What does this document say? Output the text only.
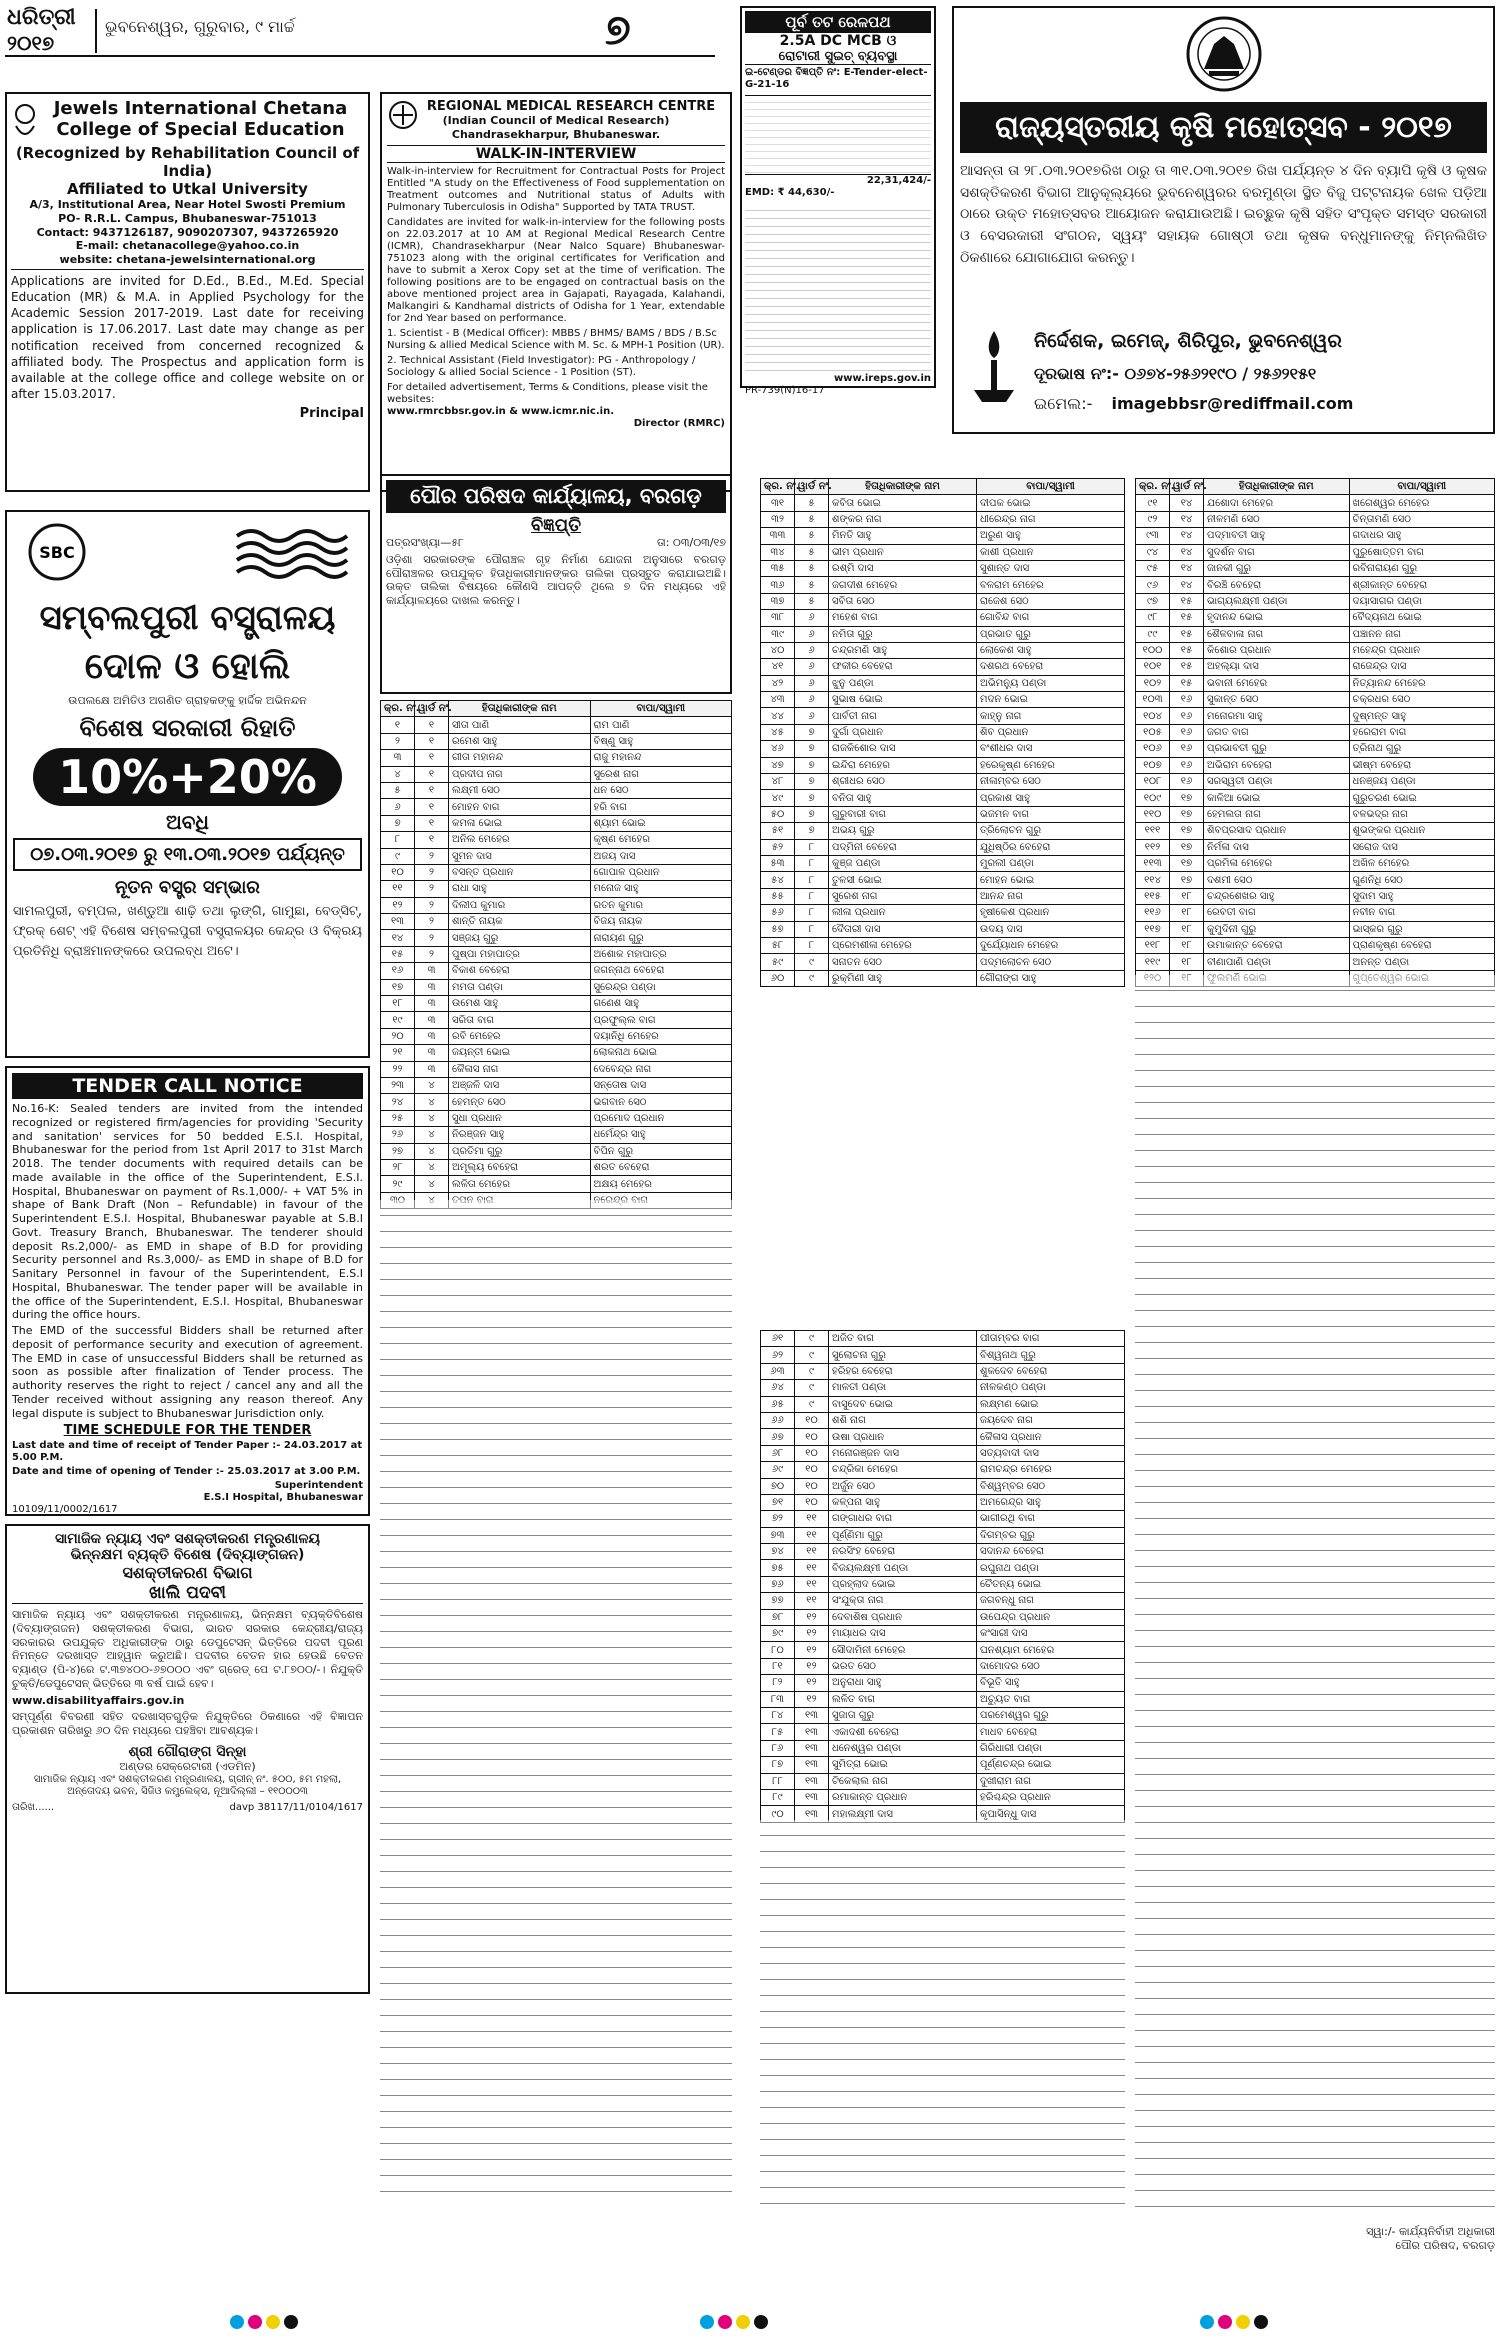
ଧରିତ୍ରୀ
୨୦୧୭
ଭୁବନେଶ୍ୱର, ଗୁରୁବାର, ୯ ମାର୍ଚ୍ଚ	୭	ପୂର୍ବ ତଟ ରେଳପଥ
2.5A DC MCB ଓ
ରୋଟାରୀ ସୁଇଚ୍ ବ୍ୟବସ୍ଥା
ଇ-ଟେଣ୍ଡର ବିଜ୍ଞପ୍ତି ନଂ: E-Tender-elect-G-21-16
22,31,424/-
EMD: ₹ 44,630/-
www.ireps.gov.in
PR-739(N)16-17
ରାଜ୍ୟସ୍ତରୀୟ କୃଷି ମହୋତ୍ସବ - ୨୦୧୭
ଆସନ୍ତା ତା ୨୮.୦୩.୨୦୧୭ରିଖ ଠାରୁ ତା ୩୧.୦୩.୨୦୧୭ ରିଖ ପର୍ଯ୍ୟନ୍ତ ୪ ଦିନ ବ୍ୟାପି କୃଷି ଓ କୃଷକ ସଶକ୍ତିକରଣ ବିଭାଗ ଆନୁକୂଲ୍ୟରେ ଭୁବନେଶ୍ୱରର ବରମୁଣ୍ଡା ସ୍ଥିତ ବିଜୁ ପଟ୍ଟନାୟକ ଖେଳ ପଡ଼ିଆ ଠାରେ ଉକ୍ତ ମହୋତ୍ସବର ଆୟୋଜନ କରାଯାଉଅଛି। ଇଚ୍ଛୁକ କୃଷି ସହିତ ସଂପୃକ୍ତ ସମସ୍ତ ସରକାରୀ ଓ ବେସରକାରୀ ସଂଗଠନ, ସ୍ୱୟଂ ସହାୟକ ଗୋଷ୍ଠୀ ତଥା କୃଷକ ବନ୍ଧୁମାନଙ୍କୁ ନିମ୍ନଲିଖିତ ଠିକଣାରେ ଯୋଗାଯୋଗ କରନ୍ତୁ।
ନିର୍ଦ୍ଦେଶକ, ଇମେଜ୍, ଶିରିପୁର, ଭୁବନେଶ୍ୱର
ଦୂରଭାଷ ନଂ:- ୦୬୭୪-୨୫୬୨୧୯୦ / ୨୫୬୨୧୫୧
ଇମେଲ:- imagebbsr@rediffmail.com
Jewels International Chetana
College of Special Education
(Recognized by Rehabilitation Council of India)
Affiliated to Utkal University
A/3, Institutional Area, Near Hotel Swosti Premium
PO- R.R.L. Campus, Bhubaneswar-751013
Contact: 9437126187, 9090207307, 9437265920
E-mail: chetanacollege@yahoo.co.in
website: chetana-jewelsinternational.org
Applications are invited for D.Ed., B.Ed., M.Ed. Special Education (MR) & M.A. in Applied Psychology for the Academic Session 2017-2019. Last date for receiving application is 17.06.2017. Last date may change as per notification received from concerned recognized & affiliated body. The Prospectus and application form is available at the college office and college website on or after 15.03.2017.
Principal
REGIONAL MEDICAL RESEARCH CENTRE
(Indian Council of Medical Research)
Chandrasekharpur, Bhubaneswar.
WALK-IN-INTERVIEW
Walk-in-interview for Recruitment for Contractual Posts for Project Entitled "A study on the Effectiveness of Food supplementation on Treatment outcomes and Nutritional status of Adults with Pulmonary Tuberculosis in Odisha" Supported by TATA TRUST.
Candidates are invited for walk-in-interview for the following posts on 22.03.2017 at 10 AM at Regional Medical Research Centre (ICMR), Chandrasekharpur (Near Nalco Square) Bhubaneswar-751023 along with the original certificates for Verification and have to submit a Xerox Copy set at the time of verification. The following positions are to be engaged on contractual basis on the above mentioned project area in Gajapati, Rayagada, Kalahandi, Malkangiri & Kandhamal districts of Odisha for 1 Year, extendable for 2nd Year based on performance.
1. Scientist - B (Medical Officer): MBBS / BHMS/ BAMS / BDS / B.Sc Nursing & allied Medical Science with M. Sc. & MPH-1 Position (UR).
2. Technical Assistant (Field Investigator): PG - Anthropology / Sociology & allied Social Science - 1 Position (ST).
For detailed advertisement, Terms & Conditions, please visit the websites:
www.rmrcbbsr.gov.in & www.icmr.nic.in.
Director (RMRC)
SBC
ସମ୍ବଲପୁରୀ ବସ୍ତ୍ରାଳୟ
ଦୋଳ ଓ ହୋଲି
ଉପଲକ୍ଷେ ଅମିତିଓ ଅଗଣିତ ଗ୍ରାହକଙ୍କୁ ହାର୍ଦ୍ଦିକ ଅଭିନନ୍ଦନ
ବିଶେଷ ସରକାରୀ ରିହାତି
10%+20%
ଅବଧି
୦୭.୦୩.୨୦୧୭ ରୁ ୧୩.୦୩.୨୦୧୭ ପର୍ଯ୍ୟନ୍ତ
ନୂତନ ବସ୍ତ୍ର ସମ୍ଭାର
ସାମଲପୁରୀ, ବମ୍ପଲ, ଖଣ୍ଡୁଆ ଶାଢ଼ି ତଥା ଲୁଙ୍ଗି, ଗାମୁଛା, ବେଡ୍‌ସିଟ୍, ଫ୍ରକ୍ ଶେଟ୍ ଏହି ବିଶେଷ ସମ୍ବଲପୁରୀ ବସ୍ତ୍ରାଳୟର କେନ୍ଦ୍ର ଓ ବିକ୍ରୟ ପ୍ରତିନିଧି ବ୍ରାଞ୍ଚମାନଙ୍କରେ ଉପଲବ୍ଧ ଅଟେ।
TENDER CALL NOTICE
No.16-K: Sealed tenders are invited from the intended recognized or registered firm/agencies for providing 'Security and sanitation' services for 50 bedded E.S.I. Hospital, Bhubaneswar for the period from 1st April 2017 to 31st March 2018. The tender documents with required details can be made available in the office of the Superintendent, E.S.I. Hospital, Bhubaneswar on payment of Rs.1,000/- + VAT 5% in shape of Bank Draft (Non – Refundable) in favour of the Superintendent E.S.I. Hospital, Bhubaneswar payable at S.B.I Govt. Treasury Branch, Bhubaneswar. The tenderer should deposit Rs.2,000/- as EMD in shape of B.D for providing Security personnel and Rs.3,000/- as EMD in shape of B.D for Sanitary Personnel in favour of the Superintendent, E.S.I Hospital, Bhubaneswar. The tender paper will be available in the office of the Superintendent, E.S.I. Hospital, Bhubaneswar during the office hours.
The EMD of the successful Bidders shall be returned after deposit of performance security and execution of agreement. The EMD in case of unsuccessful Bidders shall be returned as soon as possible after finalization of Tender process. The authority reserves the right to reject / cancel any and all the Tender received without assigning any reason thereof. Any legal dispute is subject to Bhubaneswar Jurisdiction only.
TIME SCHEDULE FOR THE TENDER
Last date and time of receipt of Tender Paper :- 24.03.2017 at 5.00 P.M.
Date and time of opening of Tender :- 25.03.2017 at 3.00 P.M.
Superintendent
E.S.I Hospital, Bhubaneswar
10109/11/0002/1617
ସାମାଜିକ ନ୍ୟାୟ ଏବଂ ସଶକ୍ତୀକରଣ ମନ୍ତ୍ରଣାଳୟ
ଭିନ୍ନକ୍ଷମ ବ୍ୟକ୍ତି ବିଶେଷ (ଦିବ୍ୟାଙ୍ଗଜନ)
ସଶକ୍ତୀକରଣ ବିଭାଗ
ଖାଲି ପଦବୀ
ସାମାଜିକ ନ୍ୟାୟ ଏବଂ ସଶକ୍ତୀକରଣ ମନ୍ତ୍ରଣାଳୟ, ଭିନ୍ନକ୍ଷମ ବ୍ୟକ୍ତିବିଶେଷ (ଦିବ୍ୟାଙ୍ଗଜନ) ସଶକ୍ତୀକରଣ ବିଭାଗ, ଭାରତ ସରକାର କେନ୍ଦ୍ରୀୟ/ରାଜ୍ୟ ସରକାରର ଉପଯୁକ୍ତ ଅଧିକାରୀଙ୍କ ଠାରୁ ଡେପୁଟେସନ୍ ଭିତ୍ତିରେ ପଦବୀ ପୂରଣ ନିମନ୍ତେ ଦରଖାସ୍ତ ଆହ୍ୱାନ କରୁଅଛି। ପଦବୀର ବେତନ ହାର ହେଉଛି ବେତନ ବ୍ୟାଣ୍ଡ (ପି-୪)ରେ ଟ.୩୭୪୦୦-୬୭୦୦୦ ଏବଂ ଗ୍ରେଡ୍ ପେ ଟ.୮୭୦୦/-। ନିଯୁକ୍ତି ଚୁକ୍ତି/ଡେପୁଟେସନ୍ ଭିତ୍ତିରେ ୩ ବର୍ଷ ପାଇଁ ହେବ।
www.disabilityaffairs.gov.in
ସମ୍ପୂର୍ଣ୍ଣ ବିବରଣୀ ସହିତ ଦରଖାସ୍ତଗୁଡ଼ିକ ନିଯୁକ୍ତିରେ ଠିକଣାରେ ଏହି ବିଜ୍ଞାପନ ପ୍ରକାଶନ ତାରିଖରୁ ୬୦ ଦିନ ମଧ୍ୟରେ ପହଞ୍ଚିବା ଆବଶ୍ୟକ।
ଶ୍ରୀ ଗୌରାଙ୍ଗ ସିନ୍ହା
ଅଣ୍ଡର ସେକ୍ରେଟାରୀ (ଏଡମିନ)
ସାମାଜିକ ନ୍ୟାୟ ଏବଂ ସଶକ୍ତୀକରଣ ମନ୍ତ୍ରଣାଳୟ, ଗ୍ରୀନ୍ ନଂ. ୫୦୦, ୫ମ ମହଲା, ଅନ୍ତୋଦୟ ଭବନ, ସିଜିଓ କମ୍ପ୍ଲେକ୍ସ, ନୂଆଦିଲ୍ଲୀ – ୧୧୦୦୦୩
ତାରିଖ......	davp 38117/11/0104/1617
ପୌର ପରିଷଦ କାର୍ଯ୍ୟାଳୟ, ବରଗଡ଼
ବିଜ୍ଞପ୍ତି
ପତ୍ରସଂଖ୍ୟା—୫୮	ତା: ୦୩/୦୩/୧୭
ଓଡ଼ିଶା ସରକାରଙ୍କ ପୌରାଞ୍ଚଳ ଗୃହ ନିର୍ମାଣ ଯୋଜନା ଅନୁସାରେ ବରଗଡ଼ ପୌରାଞ୍ଚଳର ଉପଯୁକ୍ତ ହିତାଧିକାରୀମାନଙ୍କର ତାଲିକା ପ୍ରସ୍ତୁତ କରାଯାଇଅଛି। ଉକ୍ତ ତାଲିକା ବିଷୟରେ କୌଣସି ଆପତ୍ତି ଥିଲେ ୭ ଦିନ ମଧ୍ୟରେ ଏହି କାର୍ଯ୍ୟାଳୟରେ ଦାଖଲ କରନ୍ତୁ।
କ୍ର. ନଂ.	ୱାର୍ଡ ନଂ.	ହିତାଧିକାରୀଙ୍କ ନାମ	ବାପା/ସ୍ୱାମୀ
୧	୧	ସୀତା ପାଣି	ରାମ ପାଣି
୨	୧	ରମେଶ ସାହୁ	ବିଷ୍ଣୁ ସାହୁ
୩	୧	ଗୀତା ମହାନନ୍ଦ	ରାଜୁ ମହାନନ୍ଦ
୪	୧	ପ୍ରଦୀପ ନାଗ	ସୁରେଶ ନାଗ
୫	୧	ଲକ୍ଷ୍ମୀ ସେଠ	ଧନ ସେଠ
୬	୧	ମୋହନ ବାଗ	ହରି ବାଗ
୭	୧	କମଳା ଭୋଇ	ଶ୍ୟାମ ଭୋଇ
୮	୧	ଅନିଲ ମେହେର	କୃଷ୍ଣ ମେହେର
୯	୨	ସୁମନ ଦାସ	ଅଜୟ ଦାସ
୧୦	୨	ବସନ୍ତ ପ୍ରଧାନ	ଗୋପାଳ ପ୍ରଧାନ
୧୧	୨	ରାଧା ସାହୁ	ମନୋଜ ସାହୁ
୧୨	୨	ଦିଲୀପ କୁମାର	ରତନ କୁମାର
୧୩	୨	ଶାନ୍ତି ନାୟକ	ବିଜୟ ନାୟକ
୧୪	୨	ସଞ୍ଜୟ ଗୁରୁ	ନାରାୟଣ ଗୁରୁ
୧୫	୨	ପୁଷ୍ପା ମହାପାତ୍ର	ଅଶୋକ ମହାପାତ୍ର
୧୬	୩	ବିକାଶ ବେହେରା	ଜଗନ୍ନାଥ ବେହେରା
୧୭	୩	ମମତା ପଣ୍ଡା	ସୁରେନ୍ଦ୍ର ପଣ୍ଡା
୧୮	୩	ଉମେଶ ସାହୁ	ଗଣେଶ ସାହୁ
୧୯	୩	ସରିତା ବାଗ	ପ୍ରଫୁଲ୍ଲ ବାଗ
୨୦	୩	ରବି ମେହେର	ଦୟାନିଧି ମେହେର
୨୧	୩	ଜୟନ୍ତୀ ଭୋଇ	ଲୋକନାଥ ଭୋଇ
୨୨	୩	କୈଳାସ ନାଗ	ଦେବେନ୍ଦ୍ର ନାଗ
୨୩	୪	ଅଞ୍ଜଳି ଦାସ	ସନ୍ତୋଷ ଦାସ
୨୪	୪	ହେମନ୍ତ ସେଠ	ଭଗବାନ ସେଠ
୨୫	୪	ସୁଧା ପ୍ରଧାନ	ପ୍ରମୋଦ ପ୍ରଧାନ
୨୬	୪	ନିରଞ୍ଜନ ସାହୁ	ଧର୍ମେନ୍ଦ୍ର ସାହୁ
୨୭	୪	ପ୍ରତିମା ଗୁରୁ	ବିପିନ ଗୁରୁ
୨୮	୪	ଅମୂଲ୍ୟ ବେହେରା	ଶରତ ବେହେରା
୨୯	୪	ଲଳିତା ମେହେର	ଅକ୍ଷୟ ମେହେର

କ୍ର. ନଂ.	ୱାର୍ଡ ନଂ.	ହିତାଧିକାରୀଙ୍କ ନାମ	ବାପା/ସ୍ୱାମୀ
୩୧	୫	କବିତା ଭୋଇ	ଦୀପକ ଭୋଇ
୩୨	୫	ଶଙ୍କର ନାଗ	ଧୀରେନ୍ଦ୍ର ନାଗ
୩୩	୫	ମିନତି ସାହୁ	ଅରୁଣ ସାହୁ
୩୪	୫	ଭୀମ ପ୍ରଧାନ	କାଶୀ ପ୍ରଧାନ
୩୫	୫	ରଶ୍ମି ଦାସ	ସୁଶାନ୍ତ ଦାସ
୩୬	୫	ଜଗଦୀଶ ମେହେର	ବଳରାମ ମେହେର
୩୭	୫	ସବିତା ସେଠ	ରାଜେଶ ସେଠ
୩୮	୬	ମହେଶ ବାଗ	ଗୋବିନ୍ଦ ବାଗ
୩୯	୬	ନମିତା ଗୁରୁ	ପ୍ରଭାତ ଗୁରୁ
୪୦	୬	ଚନ୍ଦ୍ରମଣି ସାହୁ	ଲୋକେଶ ସାହୁ
୪୧	୬	ଫକୀର ବେହେରା	ଦଶରଥ ବେହେରା
୪୨	୬	ଝୁନୁ ପଣ୍ଡା	ଅଭିମନ୍ୟୁ ପଣ୍ଡା
୪୩	୬	ସୁଭାଷ ଭୋଇ	ମଦନ ଭୋଇ
୪୪	୬	ପାର୍ବତୀ ନାଗ	କାହ୍ନୁ ନାଗ
୪୫	୭	ଦୁର୍ଗା ପ୍ରଧାନ	ଶିବ ପ୍ରଧାନ
୪୬	୭	ରାଜକିଶୋର ଦାସ	ବଂଶୀଧର ଦାସ
୪୭	୭	ଇନ୍ଦିରା ମେହେର	ହରେକୃଷ୍ଣ ମେହେର
୪୮	୭	ଶ୍ରୀଧର ସେଠ	ନୀଳାମ୍ବର ସେଠ
୪୯	୭	ବନିତା ସାହୁ	ପ୍ରକାଶ ସାହୁ
୫୦	୭	ଗୁରୁବାରୀ ବାଗ	ଭଜମନ ବାଗ
୫୧	୭	ଅଭୟ ଗୁରୁ	ତ୍ରିଲୋଚନ ଗୁରୁ
୫୨	୮	ପଦ୍ମିନୀ ବେହେରା	ଯୁଧିଷ୍ଠିର ବେହେରା
୫୩	୮	କୁଞ୍ଜ ପଣ୍ଡା	ମୁରଲୀ ପଣ୍ଡା
୫୪	୮	ତୁଳସୀ ଭୋଇ	ମୋହନ ଭୋଇ
୫୫	୮	ସୁରେଶ ନାଗ	ଆନନ୍ଦ ନାଗ
୫୬	୮	ଲୀଳା ପ୍ରଧାନ	ହୃଷୀକେଶ ପ୍ରଧାନ
୫୭	୮	ଦୈତାରୀ ଦାସ	ଉଦୟ ଦାସ
୫୮	୮	ପ୍ରେମଶୀଳା ମେହେର	ଦୁର୍ଯ୍ୟୋଧନ ମେହେର
୫୯	୯	ସନାତନ ସେଠ	ପଦ୍ମଲୋଚନ ସେଠ
୬୦	୯	ରୁକ୍ମିଣୀ ସାହୁ	ଗୌରାଙ୍ଗ ସାହୁ
୬୧	୯	ଅଜିତ ବାଗ	ପୀତାମ୍ବର ବାଗ
୬୨	୯	ସୁଲୋଚନା ଗୁରୁ	ବିଶ୍ୱନାଥ ଗୁରୁ
୬୩	୯	ହରିହର ବେହେରା	ଶୁକଦେବ ବେହେରା
୬୪	୯	ମାଳତୀ ପଣ୍ଡା	ନୀଳକଣ୍ଠ ପଣ୍ଡା
୬୫	୯	ବାସୁଦେବ ଭୋଇ	ଲକ୍ଷ୍ମଣ ଭୋଇ
୬୬	୧୦	ଶଶି ନାଗ	ଜୟଦେବ ନାଗ
୬୭	୧୦	ଉଷା ପ୍ରଧାନ	କୈଳାସ ପ୍ରଧାନ
୬୮	୧୦	ମନୋରଞ୍ଜନ ଦାସ	ସତ୍ୟବାଦୀ ଦାସ
୬୯	୧୦	ଚନ୍ଦ୍ରିକା ମେହେର	ରାମଚନ୍ଦ୍ର ମେହେର
୭୦	୧୦	ଅର୍ଜୁନ ସେଠ	ବିଶ୍ୱମ୍ବର ସେଠ
୭୧	୧୦	କଳ୍ପନା ସାହୁ	ଅମରେନ୍ଦ୍ର ସାହୁ
୭୨	୧୧	ଗଙ୍ଗାଧର ବାଗ	ଭାଗୀରଥି ବାଗ
୭୩	୧୧	ପୂର୍ଣ୍ଣିମା ଗୁରୁ	ଦିଗମ୍ବର ଗୁରୁ
୭୪	୧୧	ନରସିଂହ ବେହେରା	ସଦାନନ୍ଦ ବେହେରା
୭୫	୧୧	ବିଜୟଲକ୍ଷ୍ମୀ ପଣ୍ଡା	ରଘୁନାଥ ପଣ୍ଡା
୭୬	୧୧	ପ୍ରହ୍ଲାଦ ଭୋଇ	ଚୈତନ୍ୟ ଭୋଇ
୭୭	୧୧	ସଂଯୁକ୍ତା ନାଗ	ଜଗବନ୍ଧୁ ନାଗ
୭୮	୧୨	ଦେବାଶିଷ ପ୍ରଧାନ	ଉପେନ୍ଦ୍ର ପ୍ରଧାନ
୭୯	୧୨	ମାୟାଧର ଦାସ	କଂସାରୀ ଦାସ
୮୦	୧୨	ସୌଦାମିନୀ ମେହେର	ଘନଶ୍ୟାମ ମେହେର
୮୧	୧୨	ଭରତ ସେଠ	ଦାମୋଦର ସେଠ
୮୨	୧୨	ଅନୁରାଧା ସାହୁ	ବିଭୂତି ସାହୁ
୮୩	୧୨	ଲଳିତ ବାଗ	ଅଚ୍ୟୁତ ବାଗ
୮୪	୧୩	ସୁଜାତା ଗୁରୁ	ପରମେଶ୍ୱର ଗୁରୁ
୮୫	୧୩	ଏକାଦଶୀ ବେହେରା	ମାଧବ ବେହେରା
୮୬	୧୩	ଧନେଶ୍ୱର ପଣ୍ଡା	ଗିରିଧାରୀ ପଣ୍ଡା
୮୭	୧୩	ସୁମିତ୍ରା ଭୋଇ	ପୂର୍ଣ୍ଣଚନ୍ଦ୍ର ଭୋଇ
୮୮	୧୩	ଟିକେଲାଲ ନାଗ	ଦୁଖୀରାମ ନାଗ
୮୯	୧୩	ରମାକାନ୍ତ ପ୍ରଧାନ	ହରିଶ୍ଚନ୍ଦ୍ର ପ୍ରଧାନ
୯୦	୧୩	ମହାଲକ୍ଷ୍ମୀ ଦାସ	କୃପାସିନ୍ଧୁ ଦାସ
କ୍ର. ନଂ.	ୱାର୍ଡ ନଂ.	ହିତାଧିକାରୀଙ୍କ ନାମ	ବାପା/ସ୍ୱାମୀ
୯୧	୧୪	ଯଶୋଦା ମେହେର	ଖଗେଶ୍ୱର ମେହେର
୯୨	୧୪	ନୀଳମଣି ସେଠ	ଚିନ୍ତାମଣି ସେଠ
୯୩	୧୪	ପଦ୍ମାବତୀ ସାହୁ	ଗଦାଧର ସାହୁ
୯୪	୧୪	ସୁଦର୍ଶନ ବାଗ	ପୁରୁଷୋତ୍ତମ ବାଗ
୯୫	୧୪	ଜାନକୀ ଗୁରୁ	ରବିନାରାୟଣ ଗୁରୁ
୯୬	୧୪	ବିରଞ୍ଚି ବେହେରା	ଶ୍ରୀକାନ୍ତ ବେହେରା
୯୭	୧୫	ଭାଗ୍ୟଲକ୍ଷ୍ମୀ ପଣ୍ଡା	ଦୟାସାଗର ପଣ୍ଡା
୯୮	୧୫	ହୃଦାନନ୍ଦ ଭୋଇ	ବୈଦ୍ୟନାଥ ଭୋଇ
୯୯	୧୫	ଶୈଳବାଳା ନାଗ	ପଞ୍ଚାନନ ନାଗ
୧୦୦	୧୫	କିଶୋର ପ୍ରଧାନ	ମହେନ୍ଦ୍ର ପ୍ରଧାନ
୧୦୧	୧୫	ଅହଲ୍ୟା ଦାସ	ରାଜେନ୍ଦ୍ର ଦାସ
୧୦୨	୧୫	ଭବାନୀ ମେହେର	ନିତ୍ୟାନନ୍ଦ ମେହେର
୧୦୩	୧୬	ସୁକାନ୍ତ ସେଠ	ଚକ୍ରଧର ସେଠ
୧୦୪	୧୬	ମନୋରମା ସାହୁ	ଦୁଷ୍ମନ୍ତ ସାହୁ
୧୦୫	୧୬	ଜଗତ ବାଗ	ହରେରାମ ବାଗ
୧୦୬	୧୬	ପ୍ରଭାବତୀ ଗୁରୁ	ତ୍ରିନାଥ ଗୁରୁ
୧୦୭	୧୬	ଅଭିରାମ ବେହେରା	ଭୀଷ୍ମ ବେହେରା
୧୦୮	୧୬	ସରସ୍ୱତୀ ପଣ୍ଡା	ଧନଞ୍ଜୟ ପଣ୍ଡା
୧୦୯	୧୭	କାଳିଆ ଭୋଇ	ଗୁରୁଚରଣ ଭୋଇ
୧୧୦	୧୭	ହେମଲତା ନାଗ	ବଳଭଦ୍ର ନାଗ
୧୧୧	୧୭	ଶିବପ୍ରସାଦ ପ୍ରଧାନ	ଶୁଭଙ୍କର ପ୍ରଧାନ
୧୧୨	୧୭	ନିର୍ମଳା ଦାସ	ସରୋଜ ଦାସ
୧୧୩	୧୭	ପ୍ରମିଳା ମେହେର	ଅଖିଳ ମେହେର
୧୧୪	୧୭	ଦଶମୀ ସେଠ	ଗୁଣନିଧି ସେଠ
୧୧୫	୧୮	ଚନ୍ଦ୍ରଶେଖର ସାହୁ	ସୁଦାମ ସାହୁ
୧୧୬	୧୮	ରେବତୀ ବାଗ	ନବୀନ ବାଗ
୧୧୭	୧୮	କୁମୁଦିନୀ ଗୁରୁ	ଭାସ୍କର ଗୁରୁ
୧୧୮	୧୮	ଉମାକାନ୍ତ ବେହେରା	ପ୍ରାଣକୃଷ୍ଣ ବେହେରା
୧୧୯	୧୮	ବୀଣାପାଣି ପଣ୍ଡା	ଅନନ୍ତ ପଣ୍ଡା

ସ୍ୱା:/- କାର୍ଯ୍ୟନିର୍ବାହୀ ଅଧିକାରୀ
ପୌର ପରିଷଦ, ବରଗଡ଼
